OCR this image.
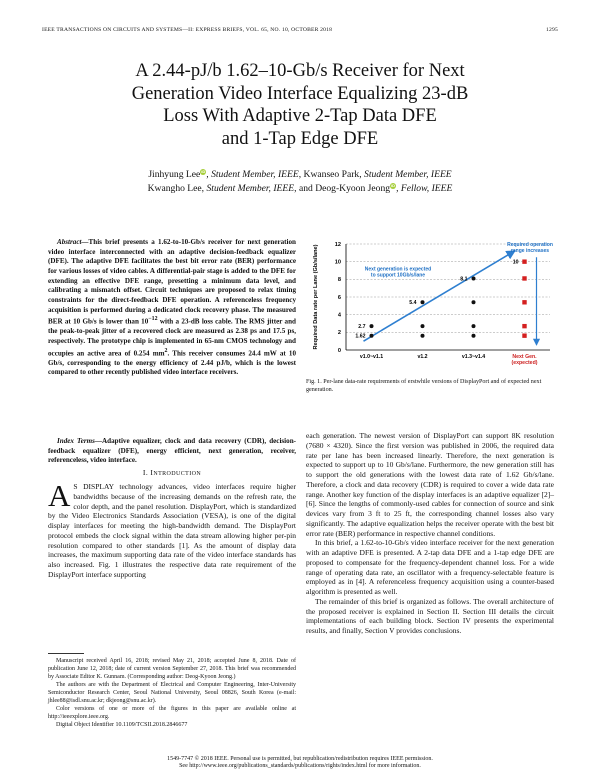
IEEE TRANSACTIONS ON CIRCUITS AND SYSTEMS—II: EXPRESS BRIEFS, VOL. 65, NO. 10, OCTOBER 2018	1295
A 2.44-pJ/b 1.62–10-Gb/s Receiver for Next
Generation Video Interface Equalizing 23-dB
Loss With Adaptive 2-Tap Data DFE
and 1-Tap Edge DFE
Jinhyung LeeiD, Student Member, IEEE, Kwanseo Park, Student Member, IEEE
Kwangho Lee, Student Member, IEEE, and Deog-Kyoon JeongiD, Fellow, IEEE
Abstract—This brief presents a 1.62-to-10-Gb/s receiver for next generation video interface interconnected with an adaptive decision-feedback equalizer (DFE). The adaptive DFE facilitates the best bit error rate (BER) performance for various losses of video cables. A differential-pair stage is added to the DFE for extending an effective DFE range, presetting a minimum data level, and calibrating a mismatch offset. Circuit techniques are proposed to relax timing constraints for the direct-feedback DFE operation. A referenceless frequency acquisition is performed during a dedicated clock recovery phase. The measured BER at 10 Gb/s is lower than $10^{-12}$ with a 23-dB loss cable. The RMS jitter and the peak-to-peak jitter of a recovered clock are measured as 2.38 ps and 17.5 ps, respectively. The prototype chip is implemented in 65-nm CMOS technology and occupies an active area of 0.254 $mm^2$. This receiver consumes 24.4 mW at 10 Gb/s, corresponding to the energy efficiency of 2.44 pJ/b, which is the lowest compared to other recently published video interface receivers.
Index Terms—Adaptive equalizer, clock and data recovery (CDR), decision-feedback equalizer (DFE), energy efficient, next generation, receiver, referenceless, video interface.
I. INTRODUCTION
A S DISPLAY technology advances, video interfaces require higher bandwidths because of the increasing demands on the refresh rate, the color depth, and the panel resolution. DisplayPort, which is standardized by the Video Electronics Standards Association (VESA), is one of the digital display interfaces for meeting the high-bandwidth demand. The DisplayPort protocol embeds the clock signal within the data stream allowing higher per-pin resolution compared to other standards [1]. As the amount of display data increases, the maximum supporting data rate of the video interface standards has also increased. Fig. 1 illustrates the respective data rate requirement of the DisplayPort interface supporting

Manuscript received April 16, 2018; revised May 21, 2018; accepted June 8, 2018. Date of publication June 12, 2018; date of current version September 27, 2018. This brief was recommended by Associate Editor K. Gunnam. (Corresponding author: Deog-Kyoon Jeong.)

The authors are with the Department of Electrical and Computer Engineering, Inter-University Semiconductor Research Center, Seoul National University, Seoul 08826, South Korea (e-mail: jhlee88@isdl.snu.ac.kr; dkjeong@snu.ac.kr).

Color versions of one or more of the figures in this paper are available online at http://ieeexplore.ieee.org.

Digital Object Identifier 10.1109/TCSII.2018.2846677

0
2
4
6
8
10
12
v1.0~v1.1	v1.2	v1.3~v1.4	Next Gen.
(expected)
Required Data rate per Lane (Gb/s/lane)	2.7
1.62
5.4
8.1
10
Next generation is expected
to support 10Gb/s/lane
Required operation
range increases
Fig. 1. Per-lane data-rate requirements of erstwhile versions of DisplayPort and of expected next generation.

each generation. The newest version of DisplayPort can support 8K resolution (7680 × 4320). Since the first version was published in 2006, the required data rate per lane has been increased linearly. Therefore, the next generation is expected to support up to 10 Gb/s/lane. Furthermore, the new generation still has to support the old generations with the lowest data rate of 1.62 Gb/s/lane. Therefore, a clock and data recovery (CDR) is required to cover a wide data rate range. Another key function of the display interfaces is an adaptive equalizer [2]–[6]. Since the lengths of commonly-used cables for connection of source and sink devices vary from 3 ft to 25 ft, the corresponding channel losses also vary significantly. The adaptive equalization helps the receiver operate with the best bit error rate (BER) performance in respective channel conditions.

In this brief, a 1.62-to-10-Gb/s video interface receiver for the next generation with an adaptive DFE is presented. A 2-tap data DFE and a 1-tap edge DFE are proposed to compensate for the frequency-dependent channel loss. For a wide range of operating data rate, an oscillator with a frequency-selectable feature is employed as in [4]. A referenceless frequency acquisition using a counter-based algorithm is presented as well.

The remainder of this brief is organized as follows. The overall architecture of the proposed receiver is explained in Section II. Section III details the circuit implementations of each building block. Section IV presents the experimental results, and finally, Section V provides conclusions.

1549-7747 © 2018 IEEE. Personal use is permitted, but republication/redistribution requires IEEE permission.
See http://www.ieee.org/publications_standards/publications/rights/index.html for more information.
